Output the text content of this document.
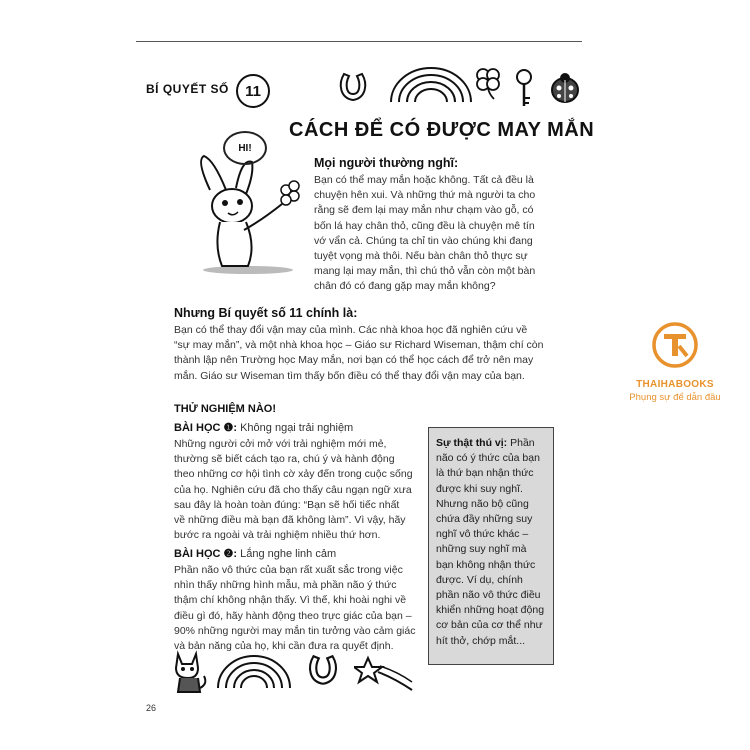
BÍ QUYẾT SỐ	11
CÁCH ĐỂ CÓ ĐƯỢC MAY MẮN
HI!
Mọi người thường nghĩ:
Bạn có thể may mắn hoặc không. Tất cả đều là
chuyện hên xui. Và những thứ mà người ta cho
rằng sẽ đem lại may mắn như chạm vào gỗ, có
bốn lá hay chân thỏ, cũng đều là chuyện mê tín
vớ vẩn cả. Chúng ta chỉ tin vào chúng khi đang
tuyệt vọng mà thôi. Nếu bàn chân thỏ thực sự
mang lại may mắn, thì chú thỏ vẫn còn một bàn
chân đó có đang gặp may mắn không?
Nhưng Bí quyết số 11 chính là:
Bạn có thể thay đổi vận may của mình. Các nhà khoa học đã nghiên cứu về
“sự may mắn”, và một nhà khoa học – Giáo sư Richard Wiseman, thậm chí còn
thành lập nên Trường học May mắn, nơi bạn có thể học cách để trở nên may
mắn. Giáo sư Wiseman tìm thấy bốn điều có thể thay đổi vận may của bạn.
THỬ NGHIỆM NÀO!
BÀI HỌC ❶: Không ngại trải nghiệm
Những người cởi mở với trải nghiệm mới mẻ,
thường sẽ biết cách tạo ra, chú ý và hành động
theo những cơ hội tình cờ xảy đến trong cuộc sống
của họ. Nghiên cứu đã cho thấy câu ngạn ngữ xưa
sau đây là hoàn toàn đúng: “Bạn sẽ hối tiếc nhất
về những điều mà bạn đã không làm”. Vì vậy, hãy
bước ra ngoài và trải nghiệm nhiều thứ hơn.
BÀI HỌC ❷: Lắng nghe linh cảm
Phần não vô thức của bạn rất xuất sắc trong việc
nhìn thấy những hình mẫu, mà phần não ý thức
thậm chí không nhận thấy. Vì thế, khi hoài nghi về
điều gì đó, hãy hành động theo trực giác của bạn –
90% những người may mắn tin tưởng vào cảm giác
và bản năng của họ, khi cần đưa ra quyết định.
Sự thật thú vị: Phần não có ý thức của bạn là thứ bạn nhận thức được khi suy nghĩ. Nhưng não bộ cũng chứa đầy những suy nghĩ vô thức khác – những suy nghĩ mà bạn không nhận thức được. Ví dụ, chính phần não vô thức điều khiển những hoạt động cơ bản của cơ thể như hít thở, chớp mắt...
26
THAIHABOOKS
Phụng sự để dẫn đầu
